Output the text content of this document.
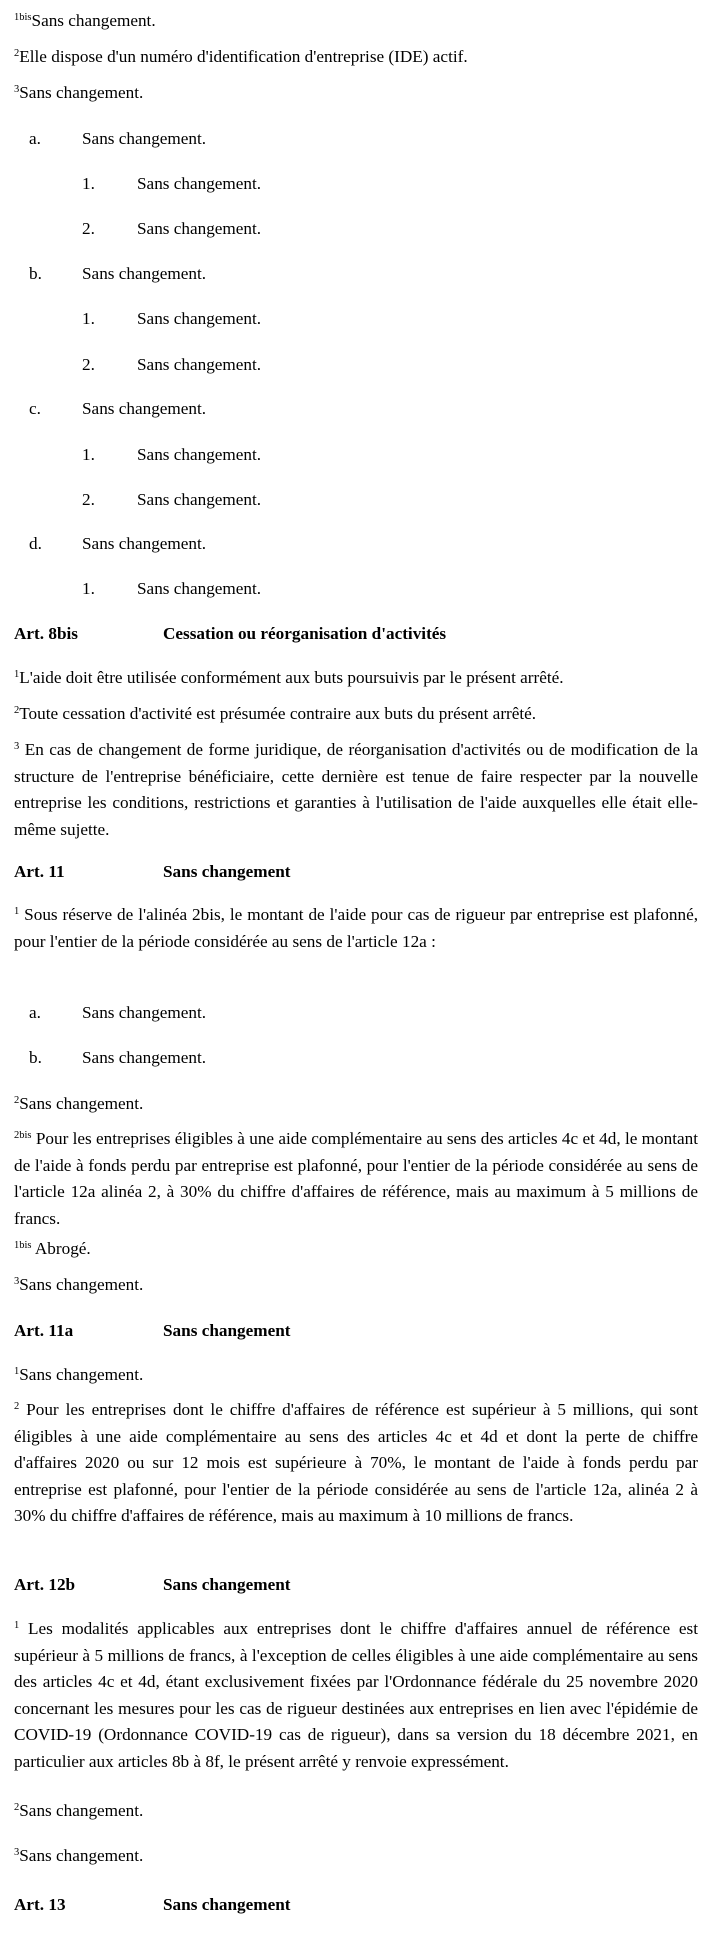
$^{1bis}$Sans changement.

$^2$Elle dispose d'un numéro d'identification d'entreprise (IDE) actif.

$^3$Sans changement.

a. Sans changement.
1. Sans changement.
2. Sans changement.
b. Sans changement.
1. Sans changement.
2. Sans changement.
c. Sans changement.
1. Sans changement.
2. Sans changement.
d. Sans changement.
1. Sans changement.
Art. 8bis	Cessation ou réorganisation d'activités

$^1$L'aide doit être utilisée conformément aux buts poursuivis par le présent arrêté.

$^2$Toute cessation d'activité est présumée contraire aux buts du présent arrêté.

$^3$ En cas de changement de forme juridique, de réorganisation d'activités ou de modification de la structure de l'entreprise bénéficiaire, cette dernière est tenue de faire respecter par la nouvelle entreprise les conditions, restrictions et garanties à l'utilisation de l'aide auxquelles elle était elle-même sujette.

Art. 11	Sans changement

$^1$ Sous réserve de l'alinéa 2bis, le montant de l'aide pour cas de rigueur par entreprise est plafonné, pour l'entier de la période considérée au sens de l'article 12a :

a. Sans changement.
b. Sans changement.

$^2$Sans changement.

$^{2bis}$ Pour les entreprises éligibles à une aide complémentaire au sens des articles 4c et 4d, le montant de l'aide à fonds perdu par entreprise est plafonné, pour l'entier de la période considérée au sens de l'article 12a alinéa 2, à 30% du chiffre d'affaires de référence, mais au maximum à 5 millions de francs.

$^{1bis}$ Abrogé.

$^3$Sans changement.

Art. 11a	Sans changement

$^1$Sans changement.

$^2$ Pour les entreprises dont le chiffre d'affaires de référence est supérieur à 5 millions, qui sont éligibles à une aide complémentaire au sens des articles 4c et 4d et dont la perte de chiffre d'affaires 2020 ou sur 12 mois est supérieure à 70%, le montant de l'aide à fonds perdu par entreprise est plafonné, pour l'entier de la période considérée au sens de l'article 12a, alinéa 2 à 30% du chiffre d'affaires de référence, mais au maximum à 10 millions de francs.

Art. 12b	Sans changement

$^1$ Les modalités applicables aux entreprises dont le chiffre d'affaires annuel de référence est supérieur à 5 millions de francs, à l'exception de celles éligibles à une aide complémentaire au sens des articles 4c et 4d, étant exclusivement fixées par l'Ordonnance fédérale du 25 novembre 2020 concernant les mesures pour les cas de rigueur destinées aux entreprises en lien avec l'épidémie de COVID-19 (Ordonnance COVID-19 cas de rigueur), dans sa version du 18 décembre 2021, en particulier aux articles 8b à 8f, le présent arrêté y renvoie expressément.

$^2$Sans changement.

$^3$Sans changement.

Art. 13	Sans changement
